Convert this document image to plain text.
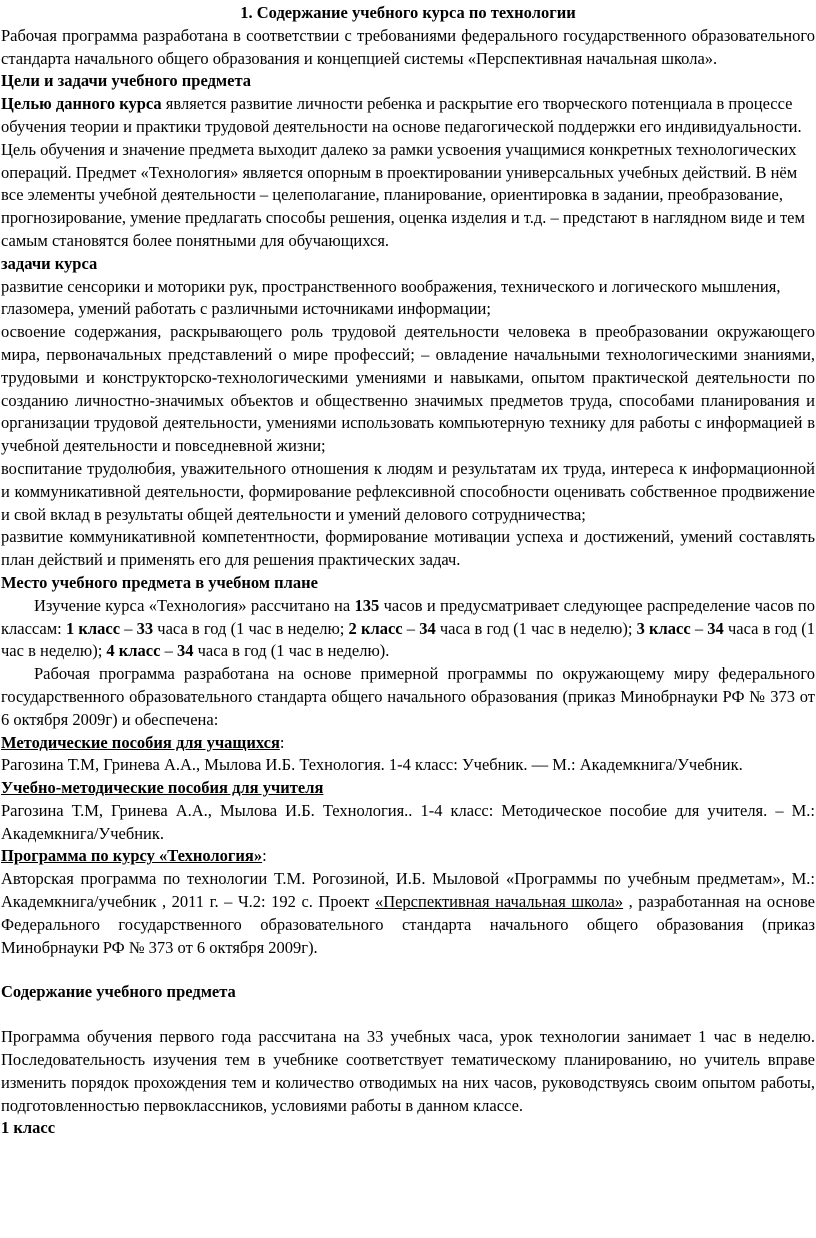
1. Содержание учебного курса по технологии

Рабочая программа разработана в соответствии с требованиями федерального государственного образовательного стандарта начального общего образования и концепцией системы «Перспективная начальная школа».

Цели и задачи учебного предмета

Целью данного курса является развитие личности ребенка и раскрытие его творческого потенциала в процессе обучения теории и практики трудовой деятельности на основе педагогической поддержки его индивидуальности. Цель обучения и значение предмета выходит далеко за рамки усвоения учащимися конкретных технологических операций. Предмет «Технология» является опорным в проектировании универсальных учебных действий. В нём все элементы учебной деятельности – целеполагание, планирование, ориентировка в задании, преобразование, прогнозирование, умение предлагать способы решения, оценка изделия и т.д. – предстают в наглядном виде и тем самым становятся более понятными для обучающихся.

задачи курса

развитие сенсорики и моторики рук, пространственного воображения, технического и логического мышления, глазомера, умений работать с различными источниками информации;

освоение содержания, раскрывающего роль трудовой деятельности человека в преобразовании окружающего мира, первоначальных представлений о мире профессий; – овладение начальными технологическими знаниями, трудовыми и конструкторско-технологическими умениями и навыками, опытом практической деятельности по созданию личностно-значимых объектов и общественно значимых предметов труда, способами планирования и организации трудовой деятельности, умениями использовать компьютерную технику для работы с информацией в учебной деятельности и повседневной жизни;

воспитание трудолюбия, уважительного отношения к людям и результатам их труда, интереса к информационной и коммуникативной деятельности, формирование рефлексивной способности оценивать собственное продвижение и свой вклад в результаты общей деятельности и умений делового сотрудничества;

развитие коммуникативной компетентности, формирование мотивации успеха и достижений, умений составлять план действий и применять его для решения практических задач.

Место учебного предмета в учебном плане

Изучение курса «Технология» рассчитано на 135 часов и предусматривает следующее распределение часов по классам: 1 класс – 33 часа в год (1 час в неделю; 2 класс – 34 часа в год (1 час в неделю); 3 класс – 34 часа в год (1 час в неделю); 4 класс – 34 часа в год (1 час в неделю).

Рабочая программа разработана на основе примерной программы по окружающему миру федерального государственного образовательного стандарта общего начального образования (приказ Минобрнауки РФ № 373 от 6 октября 2009г) и обеспечена:

Методические пособия для учащихся:

Рагозина Т.М, Гринева А.А., Мылова И.Б. Технология. 1-4 класс: Учебник. — М.: Академкнига/Учебник.

Учебно-методические пособия для учителя

Рагозина Т.М, Гринева А.А., Мылова И.Б. Технология.. 1-4 класс: Методическое пособие для учителя. – М.: Академкнига/Учебник.

Программа по курсу «Технология»:

Авторская программа по технологии Т.М. Рогозиной, И.Б. Мыловой «Программы по учебным предметам», М.: Академкнига/учебник , 2011 г. – Ч.2: 192 с. Проект «Перспективная начальная школа» , разработанная на основе Федерального государственного образовательного стандарта начального общего образования (приказ Минобрнауки РФ № 373 от 6 октября 2009г).

Содержание учебного предмета

Программа обучения первого года рассчитана на 33 учебных часа, урок технологии занимает 1 час в неделю. Последовательность изучения тем в учебнике соответствует тематическому планированию, но учитель вправе изменить порядок прохождения тем и количество отводимых на них часов, руководствуясь своим опытом работы, подготовленностью первоклассников, условиями работы в данном классе.

1 класс
